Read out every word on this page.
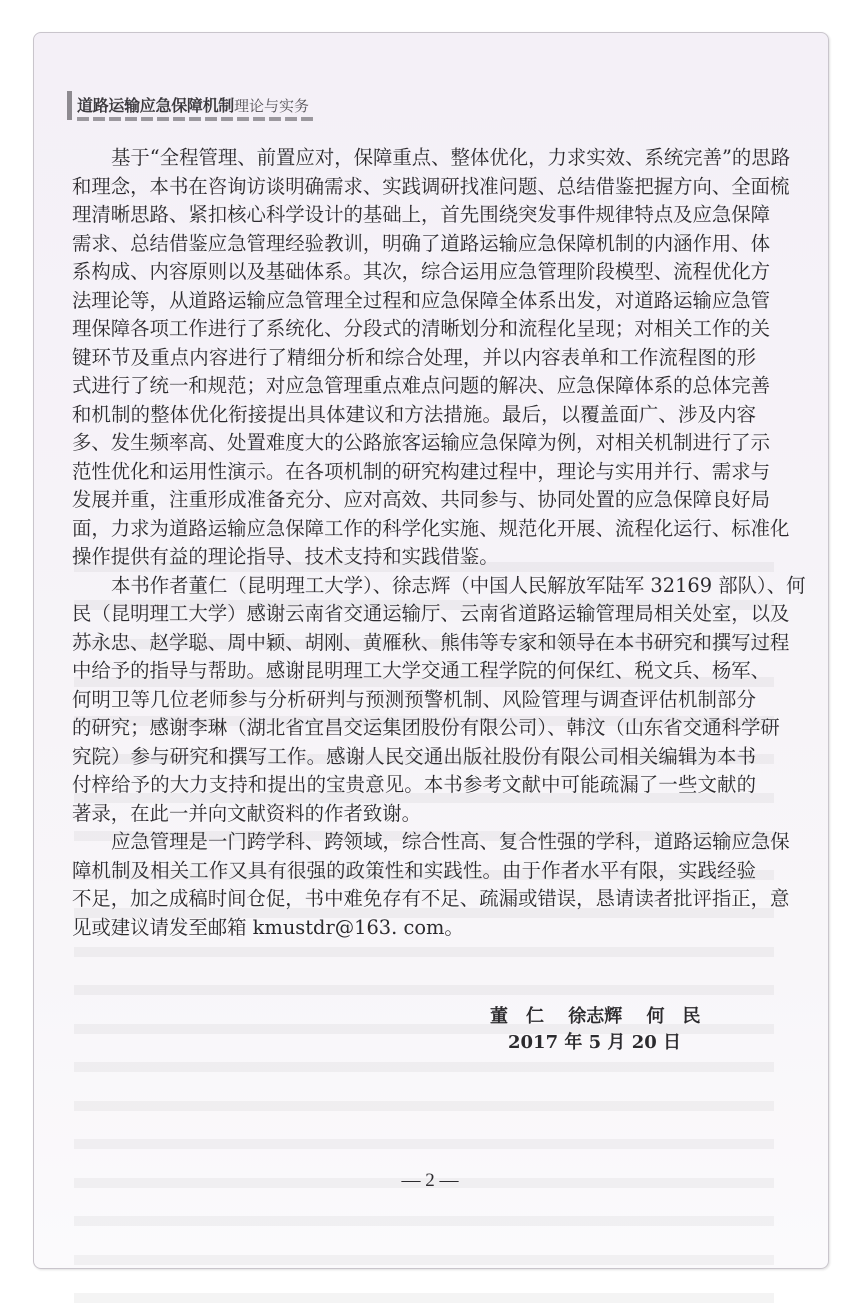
道路运输应急保障机制理论与实务
基于“全程管理、前置应对，保障重点、整体优化，力求实效、系统完善”的思路
和理念，本书在咨询访谈明确需求、实践调研找准问题、总结借鉴把握方向、全面梳
理清晰思路、紧扣核心科学设计的基础上，首先围绕突发事件规律特点及应急保障
需求、总结借鉴应急管理经验教训，明确了道路运输应急保障机制的内涵作用、体
系构成、内容原则以及基础体系。其次，综合运用应急管理阶段模型、流程优化方
法理论等，从道路运输应急管理全过程和应急保障全体系出发，对道路运输应急管
理保障各项工作进行了系统化、分段式的清晰划分和流程化呈现；对相关工作的关
键环节及重点内容进行了精细分析和综合处理，并以内容表单和工作流程图的形
式进行了统一和规范；对应急管理重点难点问题的解决、应急保障体系的总体完善
和机制的整体优化衔接提出具体建议和方法措施。最后，以覆盖面广、涉及内容
多、发生频率高、处置难度大的公路旅客运输应急保障为例，对相关机制进行了示
范性优化和运用性演示。在各项机制的研究构建过程中，理论与实用并行、需求与
发展并重，注重形成准备充分、应对高效、共同参与、协同处置的应急保障良好局
面，力求为道路运输应急保障工作的科学化实施、规范化开展、流程化运行、标准化
操作提供有益的理论指导、技术支持和实践借鉴。
本书作者董仁（昆明理工大学）、徐志辉（中国人民解放军陆军 32169 部队）、何
民（昆明理工大学）感谢云南省交通运输厅、云南省道路运输管理局相关处室，以及
苏永忠、赵学聪、周中颖、胡刚、黄雁秋、熊伟等专家和领导在本书研究和撰写过程
中给予的指导与帮助。感谢昆明理工大学交通工程学院的何保红、税文兵、杨军、
何明卫等几位老师参与分析研判与预测预警机制、风险管理与调查评估机制部分
的研究；感谢李琳（湖北省宜昌交运集团股份有限公司）、韩汶（山东省交通科学研
究院）参与研究和撰写工作。感谢人民交通出版社股份有限公司相关编辑为本书
付梓给予的大力支持和提出的宝贵意见。本书参考文献中可能疏漏了一些文献的
著录，在此一并向文献资料的作者致谢。
应急管理是一门跨学科、跨领域，综合性高、复合性强的学科，道路运输应急保
障机制及相关工作又具有很强的政策性和实践性。由于作者水平有限，实践经验
不足，加之成稿时间仓促，书中难免存有不足、疏漏或错误，恳请读者批评指正，意
见或建议请发至邮箱 kmustdr@163. com。
董　仁　 徐志辉　 何　民
2017 年 5 月 20 日
— 2 —
